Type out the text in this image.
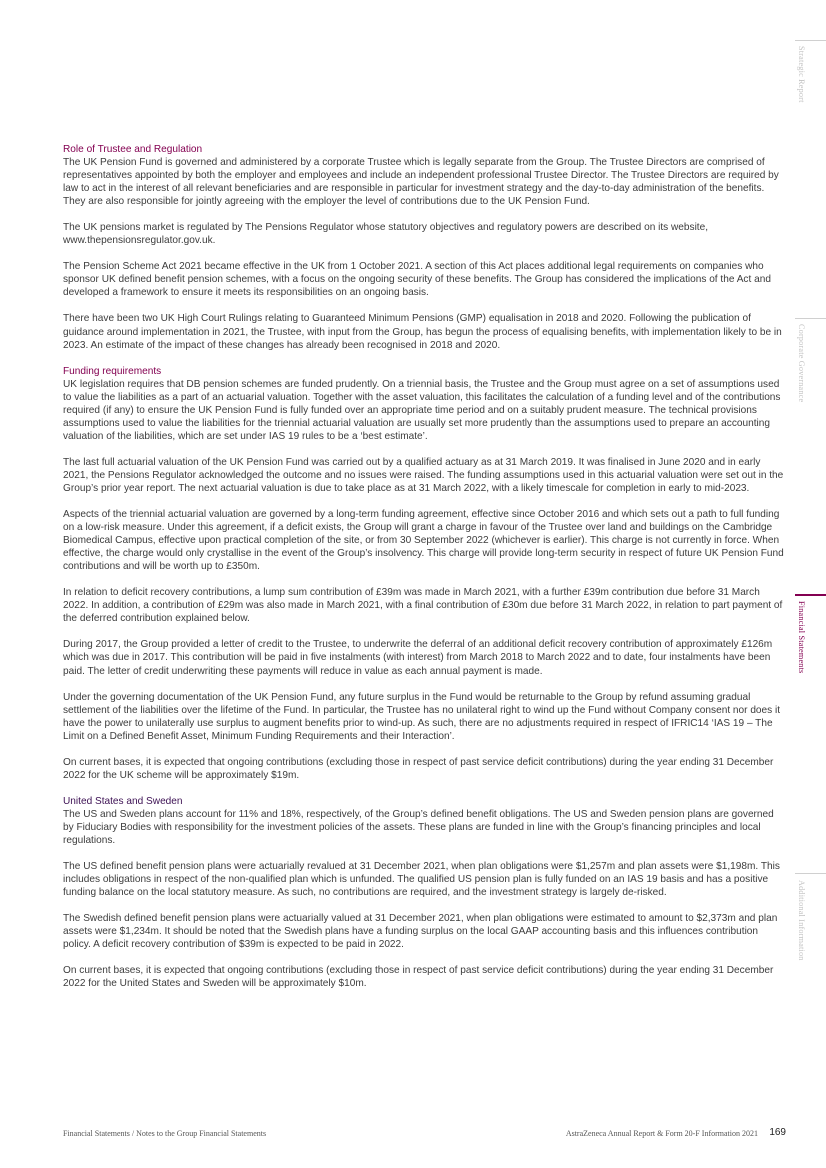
Strategic Report
Corporate Governance
Financial Statements
Additional Information
Role of Trustee and Regulation

The UK Pension Fund is governed and administered by a corporate Trustee which is legally separate from the Group. The Trustee Directors are comprised of representatives appointed by both the employer and employees and include an independent professional Trustee Director. The Trustee Directors are required by law to act in the interest of all relevant beneficiaries and are responsible in particular for investment strategy and the day-to-day administration of the benefits. They are also responsible for jointly agreeing with the employer the level of contributions due to the UK Pension Fund.

The UK pensions market is regulated by The Pensions Regulator whose statutory objectives and regulatory powers are described on its website, www.thepensionsregulator.gov.uk.

The Pension Scheme Act 2021 became effective in the UK from 1 October 2021. A section of this Act places additional legal requirements on companies who sponsor UK defined benefit pension schemes, with a focus on the ongoing security of these benefits. The Group has considered the implications of the Act and developed a framework to ensure it meets its responsibilities on an ongoing basis.

There have been two UK High Court Rulings relating to Guaranteed Minimum Pensions (GMP) equalisation in 2018 and 2020. Following the publication of guidance around implementation in 2021, the Trustee, with input from the Group, has begun the process of equalising benefits, with implementation likely to be in 2023. An estimate of the impact of these changes has already been recognised in 2018 and 2020.

Funding requirements

UK legislation requires that DB pension schemes are funded prudently. On a triennial basis, the Trustee and the Group must agree on a set of assumptions used to value the liabilities as a part of an actuarial valuation. Together with the asset valuation, this facilitates the calculation of a funding level and of the contributions required (if any) to ensure the UK Pension Fund is fully funded over an appropriate time period and on a suitably prudent measure. The technical provisions assumptions used to value the liabilities for the triennial actuarial valuation are usually set more prudently than the assumptions used to prepare an accounting valuation of the liabilities, which are set under IAS 19 rules to be a ‘best estimate’.

The last full actuarial valuation of the UK Pension Fund was carried out by a qualified actuary as at 31 March 2019. It was finalised in June 2020 and in early 2021, the Pensions Regulator acknowledged the outcome and no issues were raised. The funding assumptions used in this actuarial valuation were set out in the Group’s prior year report. The next actuarial valuation is due to take place as at 31 March 2022, with a likely timescale for completion in early to mid-2023.

Aspects of the triennial actuarial valuation are governed by a long-term funding agreement, effective since October 2016 and which sets out a path to full funding on a low-risk measure. Under this agreement, if a deficit exists, the Group will grant a charge in favour of the Trustee over land and buildings on the Cambridge Biomedical Campus, effective upon practical completion of the site, or from 30 September 2022 (whichever is earlier). This charge is not currently in force. When effective, the charge would only crystallise in the event of the Group’s insolvency. This charge will provide long-term security in respect of future UK Pension Fund contributions and will be worth up to £350m.

In relation to deficit recovery contributions, a lump sum contribution of £39m was made in March 2021, with a further £39m contribution due before 31 March 2022. In addition, a contribution of £29m was also made in March 2021, with a final contribution of £30m due before 31 March 2022, in relation to part payment of the deferred contribution explained below.

During 2017, the Group provided a letter of credit to the Trustee, to underwrite the deferral of an additional deficit recovery contribution of approximately £126m which was due in 2017. This contribution will be paid in five instalments (with interest) from March 2018 to March 2022 and to date, four instalments have been paid. The letter of credit underwriting these payments will reduce in value as each annual payment is made.

Under the governing documentation of the UK Pension Fund, any future surplus in the Fund would be returnable to the Group by refund assuming gradual settlement of the liabilities over the lifetime of the Fund. In particular, the Trustee has no unilateral right to wind up the Fund without Company consent nor does it have the power to unilaterally use surplus to augment benefits prior to wind-up. As such, there are no adjustments required in respect of IFRIC14 ‘IAS 19 – The Limit on a Defined Benefit Asset, Minimum Funding Requirements and their Interaction’.

On current bases, it is expected that ongoing contributions (excluding those in respect of past service deficit contributions) during the year ending 31 December 2022 for the UK scheme will be approximately $19m.

United States and Sweden

The US and Sweden plans account for 11% and 18%, respectively, of the Group’s defined benefit obligations. The US and Sweden pension plans are governed by Fiduciary Bodies with responsibility for the investment policies of the assets. These plans are funded in line with the Group’s financing principles and local regulations.

The US defined benefit pension plans were actuarially revalued at 31 December 2021, when plan obligations were $1,257m and plan assets were $1,198m. This includes obligations in respect of the non-qualified plan which is unfunded. The qualified US pension plan is fully funded on an IAS 19 basis and has a positive funding balance on the local statutory measure. As such, no contributions are required, and the investment strategy is largely de-risked.

The Swedish defined benefit pension plans were actuarially valued at 31 December 2021, when plan obligations were estimated to amount to $2,373m and plan assets were $1,234m. It should be noted that the Swedish plans have a funding surplus on the local GAAP accounting basis and this influences contribution policy. A deficit recovery contribution of $39m is expected to be paid in 2022.

On current bases, it is expected that ongoing contributions (excluding those in respect of past service deficit contributions) during the year ending 31 December 2022 for the United States and Sweden will be approximately $10m.

Financial Statements / Notes to the Group Financial Statements	AstraZeneca Annual Report & Form 20-F Information 2021 169
